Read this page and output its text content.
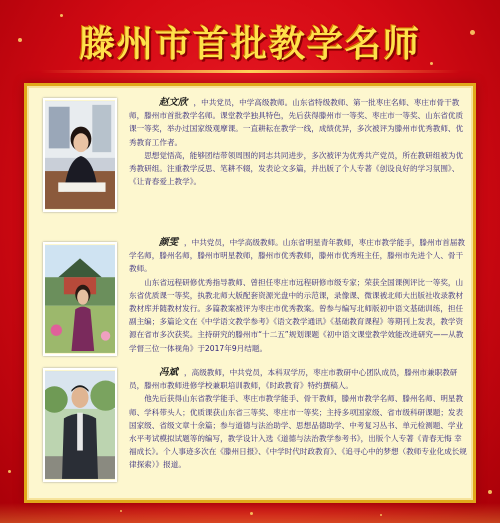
滕州市首批教学名师

赵文欣 ，中共党员，中学高级教师。山东省特级教师、第一批枣庄名师、枣庄市骨干教师，滕州市首批教学名师。课堂教学独具特色，先后获得滕州市一等奖、枣庄市一等奖、山东省优质课一等奖，举办过国家级观摩课。一直耕耘在教学一线，成绩优异，多次被评为滕州市优秀教师、优秀教育工作者。

思想觉悟高，能够团结带领周围的同志共同进步，多次被评为优秀共产党员，所在教研组被为优秀教研组。注重教学反思、笔耕不辍，发表论文多篇，并出版了个人专著《创设良好的学习氛围》、《让青春爱上教学》。

颜雯 ，中共党员，中学高级教师。山东省明星青年教师，枣庄市教学能手，滕州市首届教学名师，滕州名师，滕州市明星教师，滕州市优秀教师，滕州市优秀班主任，滕州市先进个人、骨干教师。

山东省远程研修优秀指导教师、曾担任枣庄市远程研修市级专家；荣获全国课例评比一等奖，山东省优质课一等奖，执教北师大版配套资源光盘中的示范课，录像课、微课被北师大出版社收录教材教材库并随教材发行。多篇教案被评为枣庄市优秀教案。曾参与编写北师版初中语文基础训练，担任副主编；多篇论文在《中学语文教学参考》《语文教学通讯》《基础教育课程》等期刊上发表，教学资源在省市多次获奖。主持研究的滕州市“十二五”规划课题《初中语文课堂教学效能改进研究——从教学督三位一体视角》于2017年9月结题。

冯斌 ，高级教师，中共党员，本科双学历，枣庄市教研中心团队成员，滕州市兼职教研员，滕州市教师进修学校兼职培训教师，《时政教育》特约撰稿人。

他先后获得山东省教学能手、枣庄市教学能手、骨干教师，滕州市教学名师、滕州名师、明星教师、学科带头人；优质课获山东省三等奖、枣庄市一等奖；主持多项国家级、省市级科研课题；发表国家级、省级文章十余篇；参与道德与法治助学、思想品德助学、中考复习丛书、单元检测题、学业水平考试模拟试题等的编写，教学设计入选《道德与法治教学参考书》，出版个人专著《青春无悔 幸福成长》。个人事迹多次在《滕州日报》、《中学时代时政教育》、《追寻心中的梦想（教师专业化成长规律探索）》报道。
